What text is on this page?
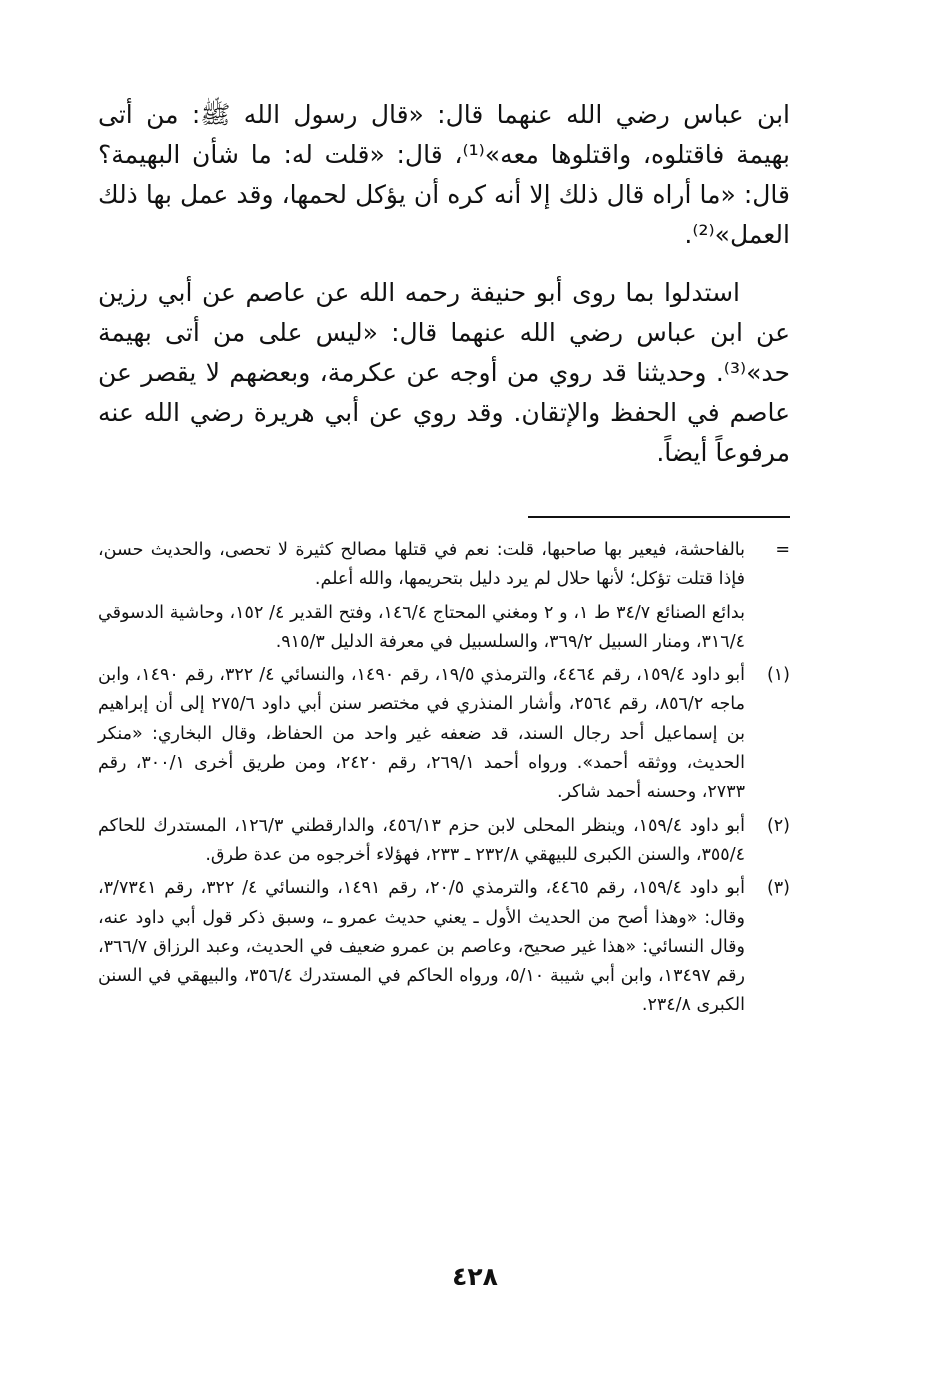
ابن عباس رضي الله عنهما قال: «قال رسول الله ﷺ: من أتى بهيمة فاقتلوه، واقتلوها معه»⁽¹⁾، قال: «قلت له: ما شأن البهيمة؟ قال: «ما أراه قال ذلك إلا أنه كره أن يؤكل لحمها، وقد عمل بها ذلك العمل»⁽²⁾.

استدلوا بما روى أبو حنيفة رحمه الله عن عاصم عن أبي رزين عن ابن عباس رضي الله عنهما قال: «ليس على من أتى بهيمة حد»⁽³⁾. وحديثنا قد روي من أوجه عن عكرمة، وبعضهم لا يقصر عن عاصم في الحفظ والإتقان. وقد روي عن أبي هريرة رضي الله عنه مرفوعاً أيضاً.

=

بالفاحشة، فيعير بها صاحبها، قلت: نعم في قتلها مصالح كثيرة لا تحصى، والحديث حسن، فإذا قتلت تؤكل؛ لأنها حلال لم يرد دليل بتحريمها، والله أعلم.

بدائع الصنائع ٣٤/٧ ط ١، و ٢ ومغني المحتاج ١٤٦/٤، وفتح القدير ٤/ ١٥٢، وحاشية الدسوقي ٣١٦/٤، ومنار السبيل ٣٦٩/٢، والسلسبيل في معرفة الدليل ٩١٥/٣.

(١)

أبو داود ١٥٩/٤، رقم ٤٤٦٤، والترمذي ١٩/٥، رقم ١٤٩٠، والنسائي ٤/ ٣٢٢، رقم ١٤٩٠، وابن ماجه ٨٥٦/٢، رقم ٢٥٦٤، وأشار المنذري في مختصر سنن أبي داود ٢٧٥/٦ إلى أن إبراهيم بن إسماعيل أحد رجال السند، قد ضعفه غير واحد من الحفاظ، وقال البخاري: «منكر الحديث، ووثقه أحمد». ورواه أحمد ٢٦٩/١، رقم ٢٤٢٠، ومن طريق أخرى ٣٠٠/١، رقم ٢٧٣٣، وحسنه أحمد شاكر.

(٢)

أبو داود ١٥٩/٤، وينظر المحلى لابن حزم ٤٥٦/١٣، والدارقطني ١٢٦/٣، المستدرك للحاكم ٣٥٥/٤، والسنن الكبرى للبيهقي ٢٣٢/٨ ـ ٢٣٣، فهؤلاء أخرجوه من عدة طرق.

(٣)

أبو داود ١٥٩/٤، رقم ٤٤٦٥، والترمذي ٢٠/٥، رقم ١٤٩١، والنسائي ٤/ ٣٢٢، رقم ٣/٧٣٤١، وقال: «وهذا أصح من الحديث الأول ـ يعني حديث عمرو ـ، وسبق ذكر قول أبي داود عنه، وقال النسائي: «هذا غير صحيح، وعاصم بن عمرو ضعيف في الحديث، وعبد الرزاق ٣٦٦/٧، رقم ١٣٤٩٧، وابن أبي شيبة ٥/١٠، ورواه الحاكم في المستدرك ٣٥٦/٤، والبيهقي في السنن الكبرى ٢٣٤/٨.

٤٢٨
